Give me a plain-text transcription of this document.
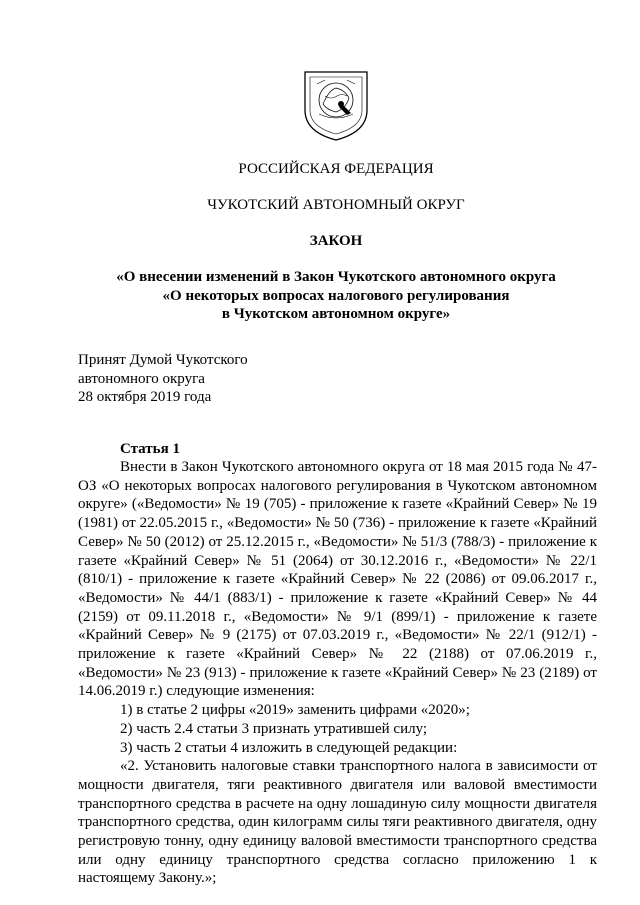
РОССИЙСКАЯ ФЕДЕРАЦИЯ
ЧУКОТСКИЙ АВТОНОМНЫЙ ОКРУГ
ЗАКОН
«О внесении изменений в Закон Чукотского автономного округа
«О некоторых вопросах налогового регулирования
в Чукотском автономном округе»
Принят Думой Чукотского
автономного округа
28 октября 2019 года
Статья 1

Внести в Закон Чукотского автономного округа от 18 мая 2015 года № 47-ОЗ «О некоторых вопросах налогового регулирования в Чукотском автономном округе» («Ведомости» № 19 (705) - приложение к газете «Крайний Север» № 19 (1981) от 22.05.2015 г., «Ведомости» № 50 (736) - приложение к газете «Крайний Север» № 50 (2012) от 25.12.2015 г., «Ведомости» № 51/3 (788/3) - приложение к газете «Крайний Север» № 51 (2064) от 30.12.2016 г., «Ведомости» № 22/1 (810/1) - приложение к газете «Крайний Север» № 22 (2086) от 09.06.2017 г., «Ведомости» № 44/1 (883/1) - приложение к газете «Крайний Север» № 44 (2159) от 09.11.2018 г., «Ведомости» № 9/1 (899/1) - приложение к газете «Крайний Север» № 9 (2175) от 07.03.2019 г., «Ведомости» № 22/1 (912/1) - приложение к газете «Крайний Север» № 22 (2188) от 07.06.2019 г., «Ведомости» № 23 (913) - приложение к газете «Крайний Север» № 23 (2189) от 14.06.2019 г.) следующие изменения:

1) в статье 2 цифры «2019» заменить цифрами «2020»;

2) часть 2.4 статьи 3 признать утратившей силу;

3) часть 2 статьи 4 изложить в следующей редакции:

«2. Установить налоговые ставки транспортного налога в зависимости от мощности двигателя, тяги реактивного двигателя или валовой вместимости транспортного средства в расчете на одну лошадиную силу мощности двигателя транспортного средства, один килограмм силы тяги реактивного двигателя, одну регистровую тонну, одну единицу валовой вместимости транспортного средства или одну единицу транспортного средства согласно приложению 1 к настоящему Закону.»;
